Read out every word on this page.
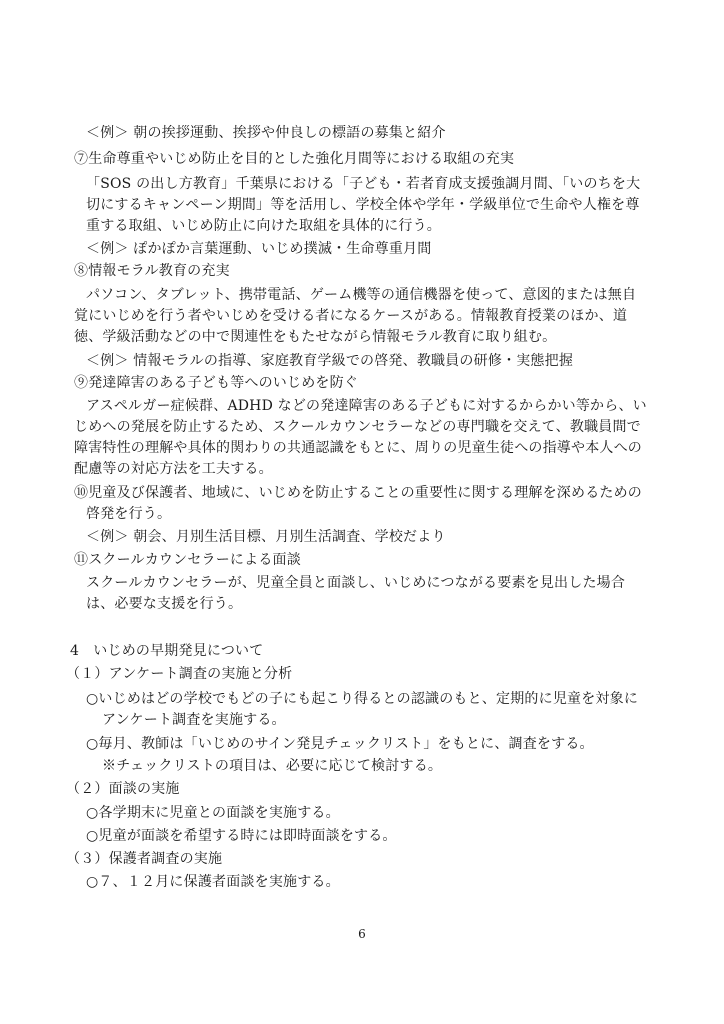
＜例＞ 朝の挨拶運動、挨拶や仲良しの標語の募集と紹介
⑦生命尊重やいじめ防止を目的とした強化月間等における取組の充実
「SOS の出し方教育」千葉県における「子ども・若者育成支援強調月間、「いのちを大
切にするキャンペーン期間」等を活用し、学校全体や学年・学級単位で生命や人権を尊
重する取組、いじめ防止に向けた取組を具体的に行う。
＜例＞ ぽかぽか言葉運動、いじめ撲滅・生命尊重月間
⑧情報モラル教育の充実
パソコン、タブレット、携帯電話、ゲーム機等の通信機器を使って、意図的または無自
覚にいじめを行う者やいじめを受ける者になるケースがある。情報教育授業のほか、道
徳、学級活動などの中で関連性をもたせながら情報モラル教育に取り組む。
＜例＞ 情報モラルの指導、家庭教育学級での啓発、教職員の研修・実態把握
⑨発達障害のある子ども等へのいじめを防ぐ
アスペルガー症候群、ADHD などの発達障害のある子どもに対するからかい等から、い
じめへの発展を防止するため、スクールカウンセラーなどの専門職を交えて、教職員間で
障害特性の理解や具体的関わりの共通認識をもとに、周りの児童生徒への指導や本人への
配慮等の対応方法を工夫する。
⑩児童及び保護者、地域に、いじめを防止することの重要性に関する理解を深めるための
啓発を行う。
＜例＞ 朝会、月別生活目標、月別生活調査、学校だより
⑪スクールカウンセラーによる面談
スクールカウンセラーが、児童全員と面談し、いじめにつながる要素を見出した場合
は、必要な支援を行う。
4　いじめの早期発見について
（１）アンケート調査の実施と分析
○いじめはどの学校でもどの子にも起こり得るとの認識のもと、定期的に児童を対象に
アンケート調査を実施する。
○毎月、教師は「いじめのサイン発見チェックリスト」をもとに、調査をする。
※チェックリストの項目は、必要に応じて検討する。
（２）面談の実施
○各学期末に児童との面談を実施する。
○児童が面談を希望する時には即時面談をする。
（３）保護者調査の実施
○７、１２月に保護者面談を実施する。
6
